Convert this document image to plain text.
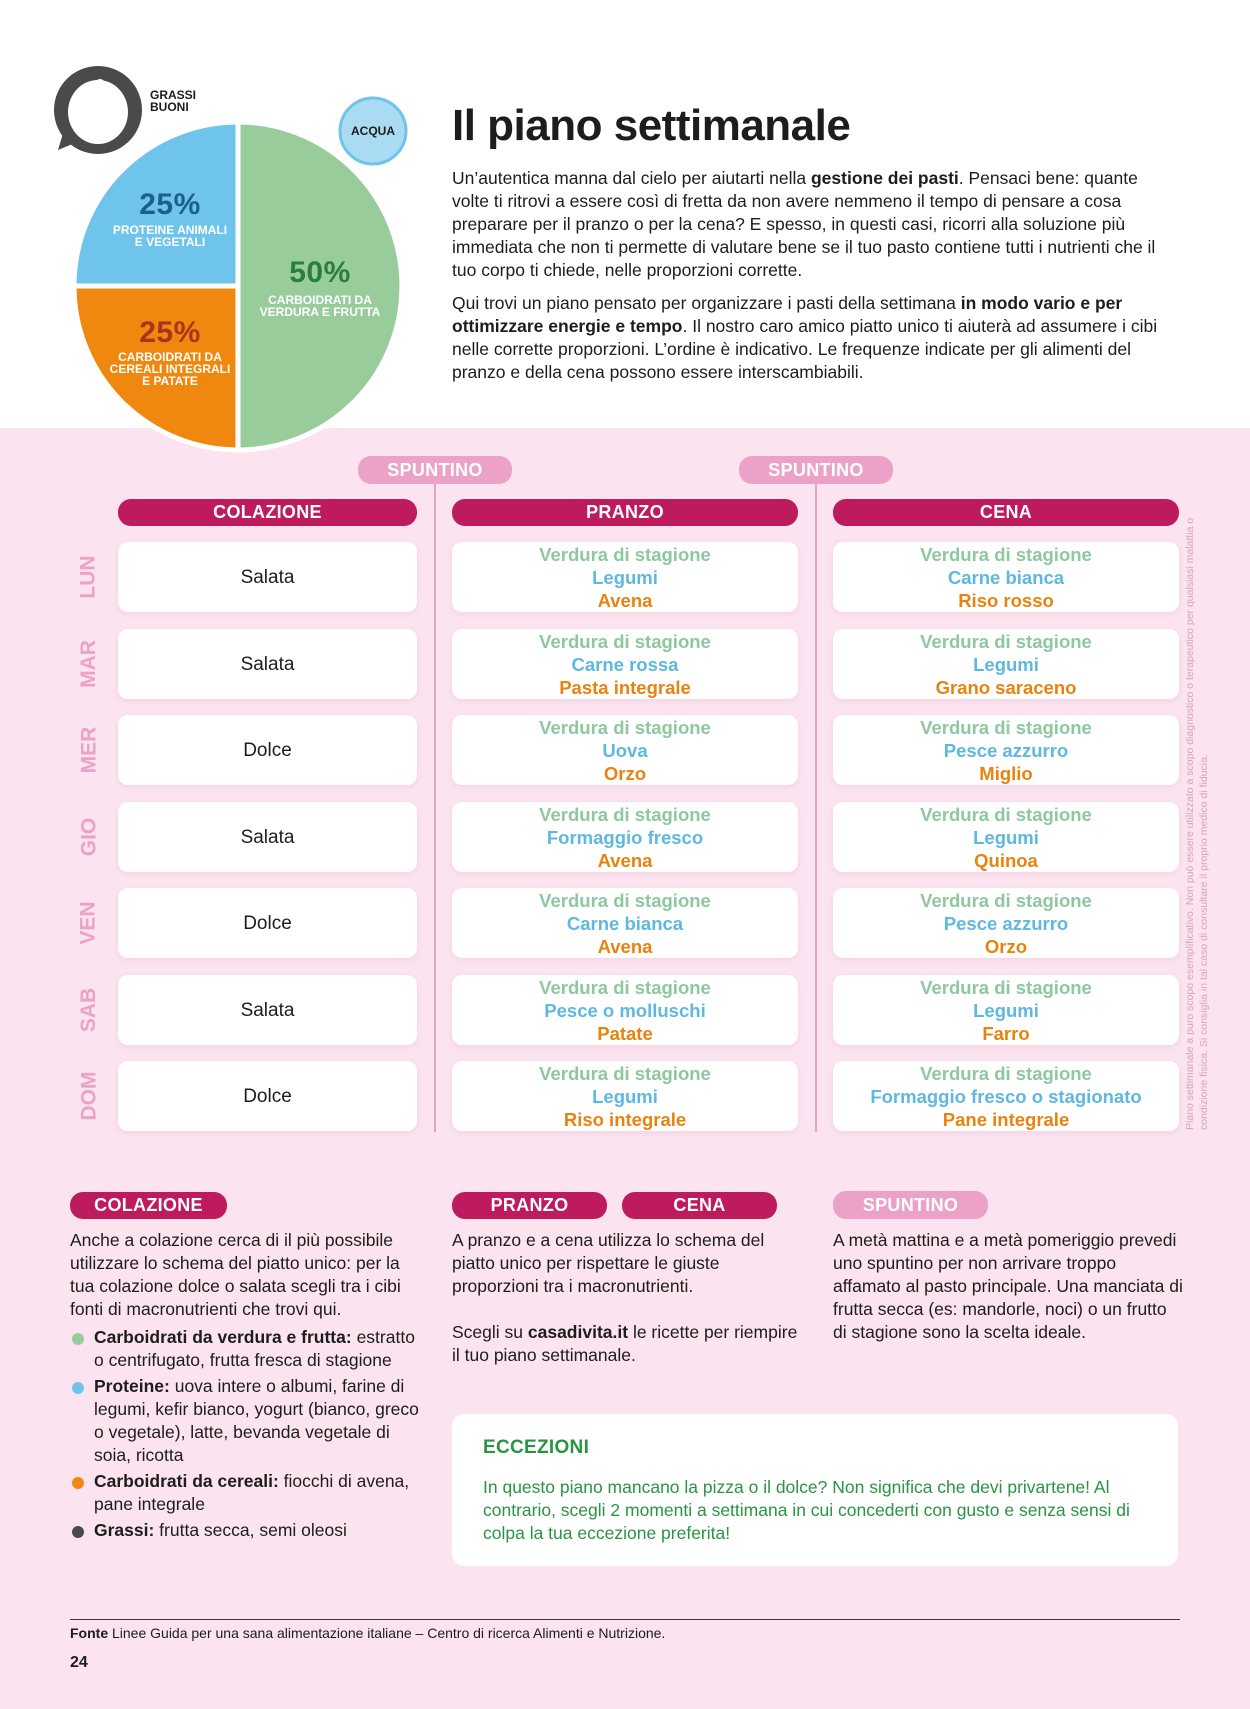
GRASSI
BUONI
ACQUA
25%
PROTEINE ANIMALI
E VEGETALI
25%
CARBOIDRATI DA
CEREALI INTEGRALI
E PATATE
50%
CARBOIDRATI DA
VERDURA E FRUTTA
Il piano settimanale

Un’autentica manna dal cielo per aiutarti nella gestione dei pasti. Pensaci bene: quante volte ti ritrovi a essere così di fretta da non avere nemmeno il tempo di pensare a cosa preparare per il pranzo o per la cena? E spesso, in questi casi, ricorri alla soluzione più immediata che non ti permette di valutare bene se il tuo pasto contiene tutti i nutrienti che il tuo corpo ti chiede, nelle proporzioni corrette.

Qui trovi un piano pensato per organizzare i pasti della settimana in modo vario e per ottimizzare energie e tempo. Il nostro caro amico piatto unico ti aiuterà ad assumere i cibi nelle corrette proporzioni. L’ordine è indicativo. Le frequenze indicate per gli alimenti del pranzo e della cena possono essere interscambiabili.

SPUNTINO	SPUNTINO
COLAZIONE	PRANZO	CENA
LUN	Salata
Verdura di stagione
Legumi
Avena
Verdura di stagione
Carne bianca
Riso rosso
MAR	Salata
Verdura di stagione
Carne rossa
Pasta integrale
Verdura di stagione
Legumi
Grano saraceno
MER	Dolce
Verdura di stagione
Uova
Orzo
Verdura di stagione
Pesce azzurro
Miglio
GIO	Salata
Verdura di stagione
Formaggio fresco
Avena
Verdura di stagione
Legumi
Quinoa
VEN	Dolce
Verdura di stagione
Carne bianca
Avena
Verdura di stagione
Pesce azzurro
Orzo
SAB	Salata
Verdura di stagione
Pesce o molluschi
Patate
Verdura di stagione
Legumi
Farro
DOM	Dolce
Verdura di stagione
Legumi
Riso integrale
Verdura di stagione
Formaggio fresco o stagionato
Pane integrale	Piano settimanale a puro scopo esemplificativo. Non può essere utilizzato a scopo diagnostico o terapeutico per qualsiasi malattia o condizione fisica. Si consiglia in tal caso di consultare il proprio medico di fiducia.
COLAZIONE

Anche a colazione cerca di il più possibile utilizzare lo schema del piatto unico: per la tua colazione dolce o salata scegli tra i cibi fonti di macronutrienti che trovi qui.

Carboidrati da verdura e frutta: estratto o centrifugato, frutta fresca di stagione
Proteine: uova intere o albumi, farine di legumi, kefir bianco, yogurt (bianco, greco o vegetale), latte, bevanda vegetale di soia, ricotta
Carboidrati da cereali: fiocchi di avena, pane integrale
Grassi: frutta secca, semi oleosi
PRANZO	CENA

A pranzo e a cena utilizza lo schema del piatto unico per rispettare le giuste proporzioni tra i macronutrienti.

Scegli su casadivita.it le ricette per riempire il tuo piano settimanale.

SPUNTINO

A metà mattina e a metà pomeriggio prevedi uno spuntino per non arrivare troppo affamato al pasto principale. Una manciata di frutta secca (es: mandorle, noci) o un frutto di stagione sono la scelta ideale.

ECCEZIONI

In questo piano mancano la pizza o il dolce? Non significa che devi privartene! Al contrario, scegli 2 momenti a settimana in cui concederti con gusto e senza sensi di colpa la tua eccezione preferita!

Fonte Linee Guida per una sana alimentazione italiane – Centro di ricerca Alimenti e Nutrizione.
24
